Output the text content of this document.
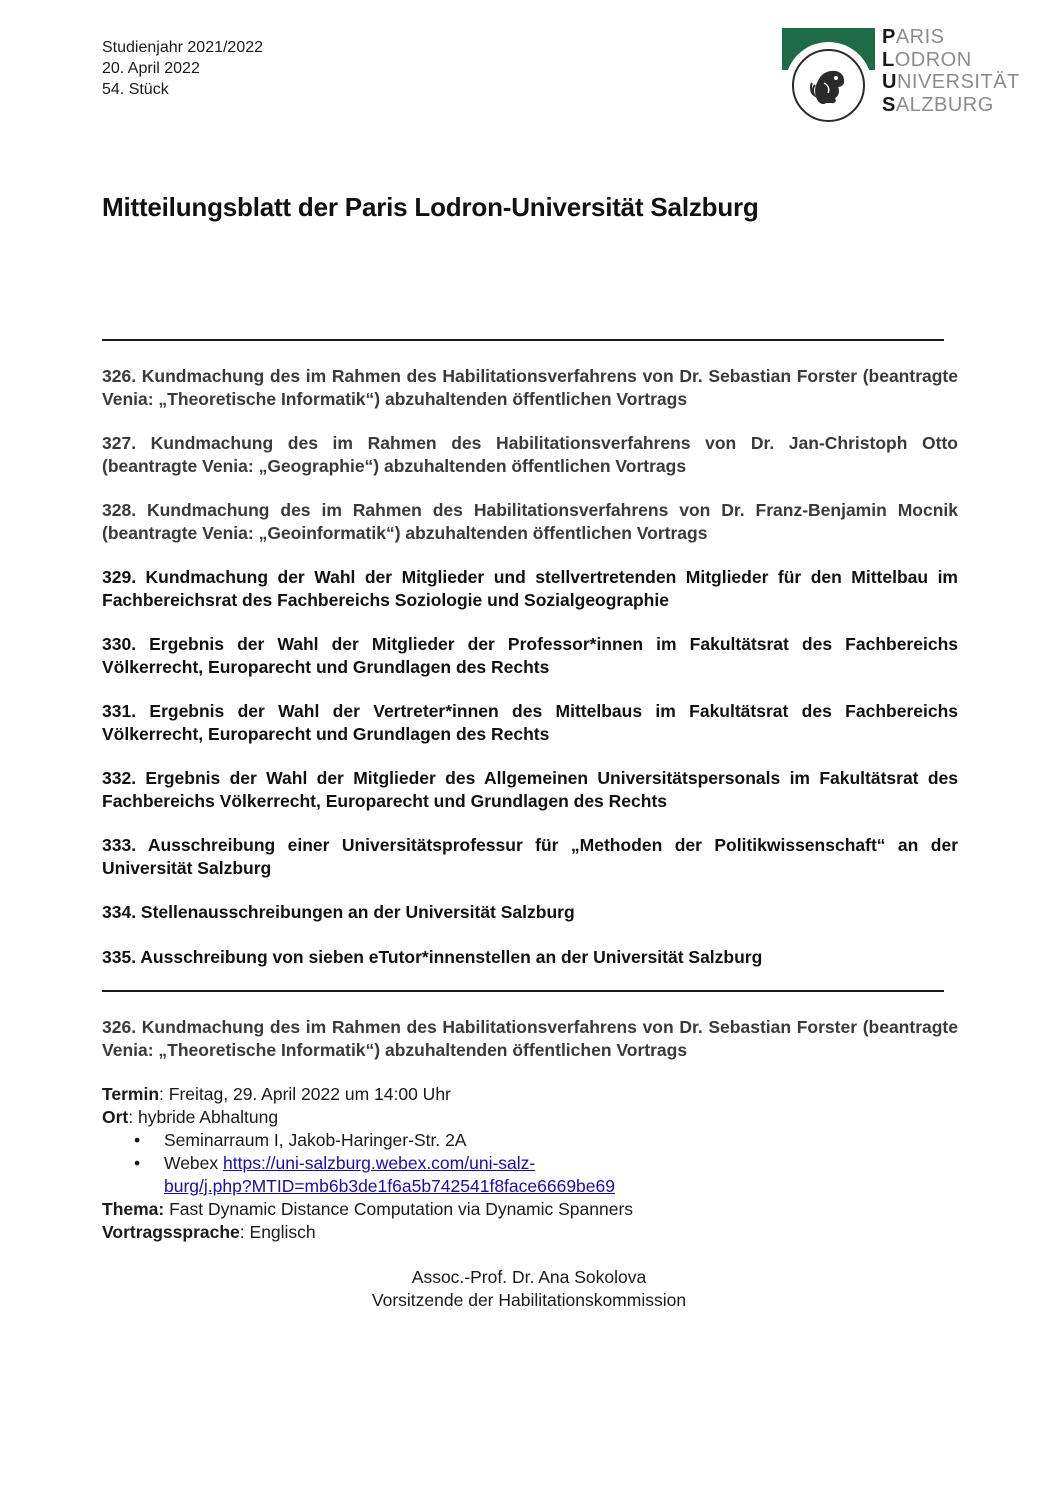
Studienjahr 2021/2022
20. April 2022
54. Stück
PARIS
LODRON
UNIVERSITÄT
SALZBURG
Mitteilungsblatt der Paris Lodron-Universität Salzburg
326. Kundmachung des im Rahmen des Habilitationsverfahrens von Dr. Sebastian Forster (beantragte Venia: „Theoretische Informatik“) abzuhaltenden öffentlichen Vortrags
327. Kundmachung des im Rahmen des Habilitationsverfahrens von Dr. Jan-Christoph Otto (beantragte Venia: „Geographie“) abzuhaltenden öffentlichen Vortrags
328. Kundmachung des im Rahmen des Habilitationsverfahrens von Dr. Franz-Benjamin Mocnik (beantragte Venia: „Geoinformatik“) abzuhaltenden öffentlichen Vortrags
329. Kundmachung der Wahl der Mitglieder und stellvertretenden Mitglieder für den Mittelbau im Fachbereichsrat des Fachbereichs Soziologie und Sozialgeographie
330. Ergebnis der Wahl der Mitglieder der Professor*innen im Fakultätsrat des Fachbereichs Völkerrecht, Europarecht und Grundlagen des Rechts
331. Ergebnis der Wahl der Vertreter*innen des Mittelbaus im Fakultätsrat des Fachbereichs Völkerrecht, Europarecht und Grundlagen des Rechts
332. Ergebnis der Wahl der Mitglieder des Allgemeinen Universitätspersonals im Fakultätsrat des Fachbereichs Völkerrecht, Europarecht und Grundlagen des Rechts
333. Ausschreibung einer Universitätsprofessur für „Methoden der Politikwissenschaft“ an der Universität Salzburg
334. Stellenausschreibungen an der Universität Salzburg
335. Ausschreibung von sieben eTutor*innenstellen an der Universität Salzburg
326. Kundmachung des im Rahmen des Habilitationsverfahrens von Dr. Sebastian Forster (beantragte Venia: „Theoretische Informatik“) abzuhaltenden öffentlichen Vortrags
Termin: Freitag, 29. April 2022 um 14:00 Uhr
Ort: hybride Abhaltung
• Seminarraum I, Jakob-Haringer-Str. 2A
• Webex https://uni-salzburg.webex.com/uni-salz-
burg/j.php?MTID=mb6b3de1f6a5b742541f8face6669be69
Thema: Fast Dynamic Distance Computation via Dynamic Spanners
Vortragssprache: Englisch
Assoc.-Prof. Dr. Ana Sokolova
Vorsitzende der Habilitationskommission
